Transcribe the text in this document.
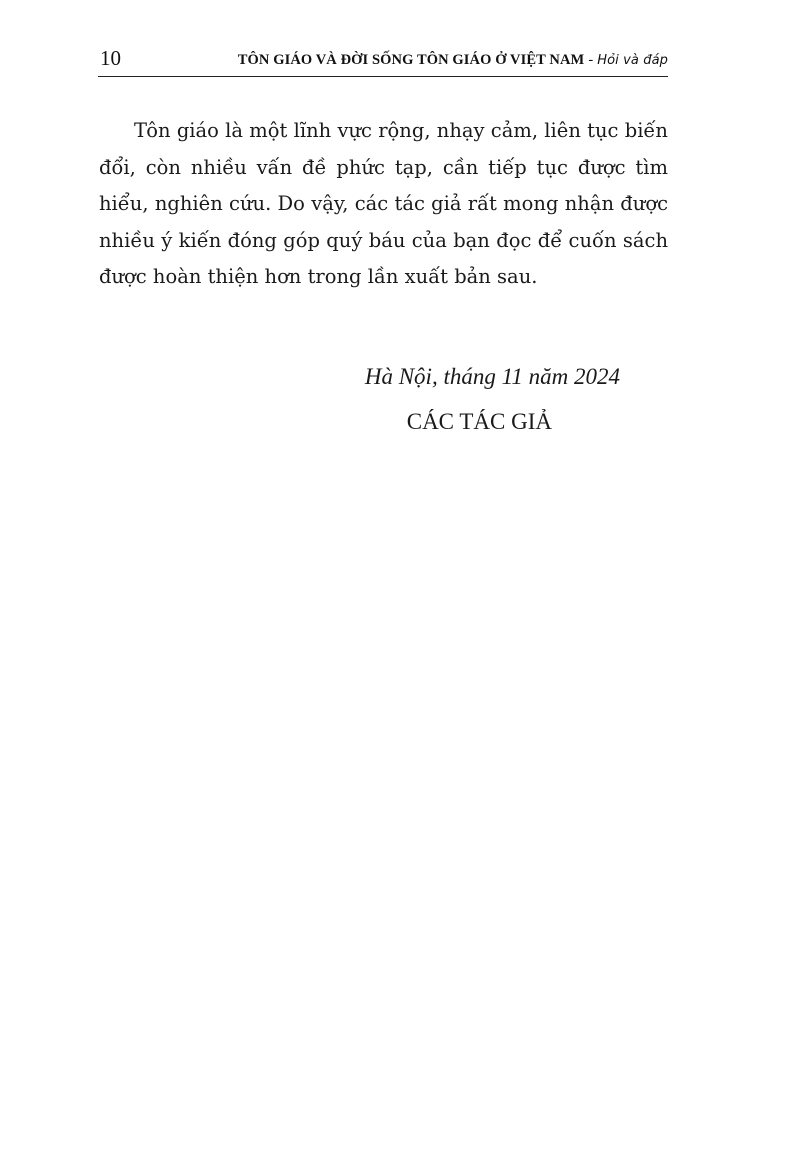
10	TÔN GIÁO VÀ ĐỜI SỐNG TÔN GIÁO Ở VIỆT NAM - Hỏi và đáp

Tôn giáo là một lĩnh vực rộng, nhạy cảm, liên tục biến đổi, còn nhiều vấn đề phức tạp, cần tiếp tục được tìm hiểu, nghiên cứu. Do vậy, các tác giả rất mong nhận được nhiều ý kiến đóng góp quý báu của bạn đọc để cuốn sách được hoàn thiện hơn trong lần xuất bản sau.

Hà Nội, tháng 11 năm 2024
CÁC TÁC GIẢ
